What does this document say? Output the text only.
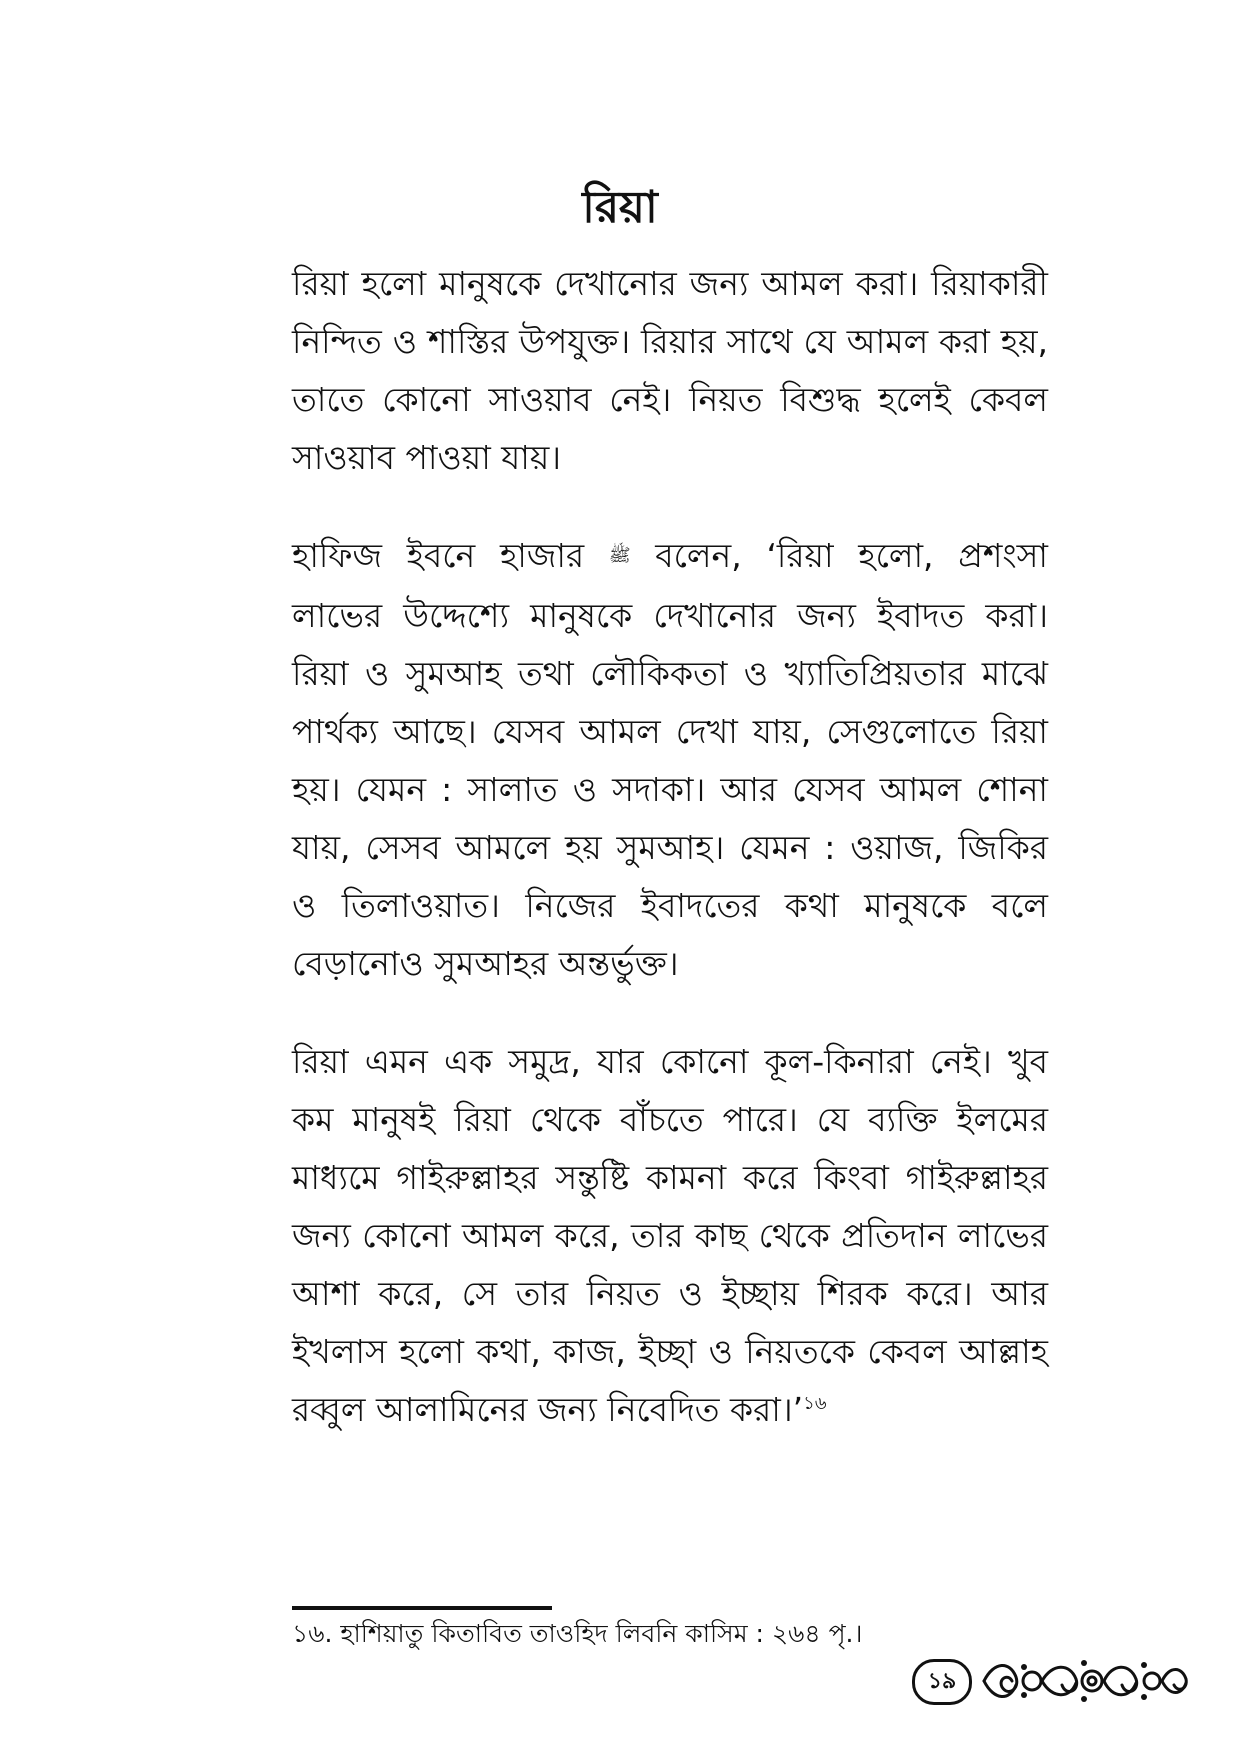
রিয়া

রিয়া হলো মানুষকে দেখানোর জন্য আমল করা। রিয়াকারী নিন্দিত ও শাস্তির উপযুক্ত। রিয়ার সাথে যে আমল করা হয়, তাতে কোনো সাওয়াব নেই। নিয়ত বিশুদ্ধ হলেই কেবল সাওয়াব পাওয়া যায়।

হাফিজ ইবনে হাজার ﷺ বলেন, ‘রিয়া হলো, প্রশংসা লাভের উদ্দেশ্যে মানুষকে দেখানোর জন্য ইবাদত করা। রিয়া ও সুমআহ তথা লৌকিকতা ও খ্যাতিপ্রিয়তার মাঝে পার্থক্য আছে। যেসব আমল দেখা যায়, সেগুলোতে রিয়া হয়। যেমন : সালাত ও সদাকা। আর যেসব আমল শোনা যায়, সেসব আমলে হয় সুমআহ। যেমন : ওয়াজ, জিকির ও তিলাওয়াত। নিজের ইবাদতের কথা মানুষকে বলে বেড়ানোও সুমআহর অন্তর্ভুক্ত।

রিয়া এমন এক সমুদ্র, যার কোনো কূল-কিনারা নেই। খুব কম মানুষই রিয়া থেকে বাঁচতে পারে। যে ব্যক্তি ইলমের মাধ্যমে গাইরুল্লাহর সন্তুষ্টি কামনা করে কিংবা গাইরুল্লাহর জন্য কোনো আমল করে, তার কাছ থেকে প্রতিদান লাভের আশা করে, সে তার নিয়ত ও ইচ্ছায় শিরক করে। আর ইখলাস হলো কথা, কাজ, ইচ্ছা ও নিয়তকে কেবল আল্লাহ রব্বুল আলামিনের জন্য নিবেদিত করা।’$^{১৬}$

১৬. হাশিয়াতু কিতাবিত তাওহিদ লিবনি কাসিম : ২৬৪ পৃ.।
১৯
